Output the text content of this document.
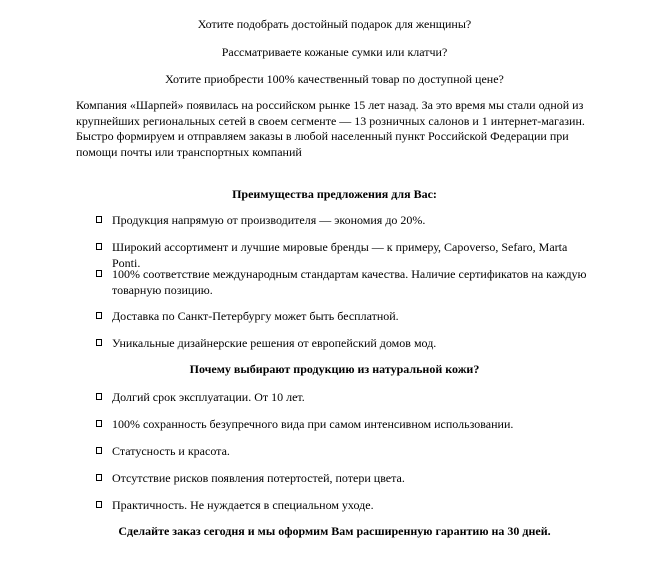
Хотите подобрать достойный подарок для женщины?
Рассматриваете кожаные сумки или клатчи?
Хотите приобрести 100% качественный товар по доступной цене?
Компания «Шарпей» появилась на российском рынке 15 лет назад. За это время мы стали одной из крупнейших региональных сетей в своем сегменте — 13 розничных салонов и 1 интернет-магазин. Быстро формируем и отправляем заказы в любой населенный пункт Российской Федерации при помощи почты или транспортных компаний
Преимущества предложения для Вас:
Продукция напрямую от производителя — экономия до 20%.
Широкий ассортимент и лучшие мировые бренды — к примеру, Capoverso, Sefaro, Marta Ponti.
100% соответствие международным стандартам качества. Наличие сертификатов на каждую товарную позицию.
Доставка по Санкт-Петербургу может быть бесплатной.
Уникальные дизайнерские решения от европейский домов мод.
Почему выбирают продукцию из натуральной кожи?
Долгий срок эксплуатации. От 10 лет.
100% сохранность безупречного вида при самом интенсивном использовании.
Статусность и красота.
Отсутствие рисков появления потертостей, потери цвета.
Практичность. Не нуждается в специальном уходе.
Сделайте заказ сегодня и мы оформим Вам расширенную гарантию на 30 дней.
